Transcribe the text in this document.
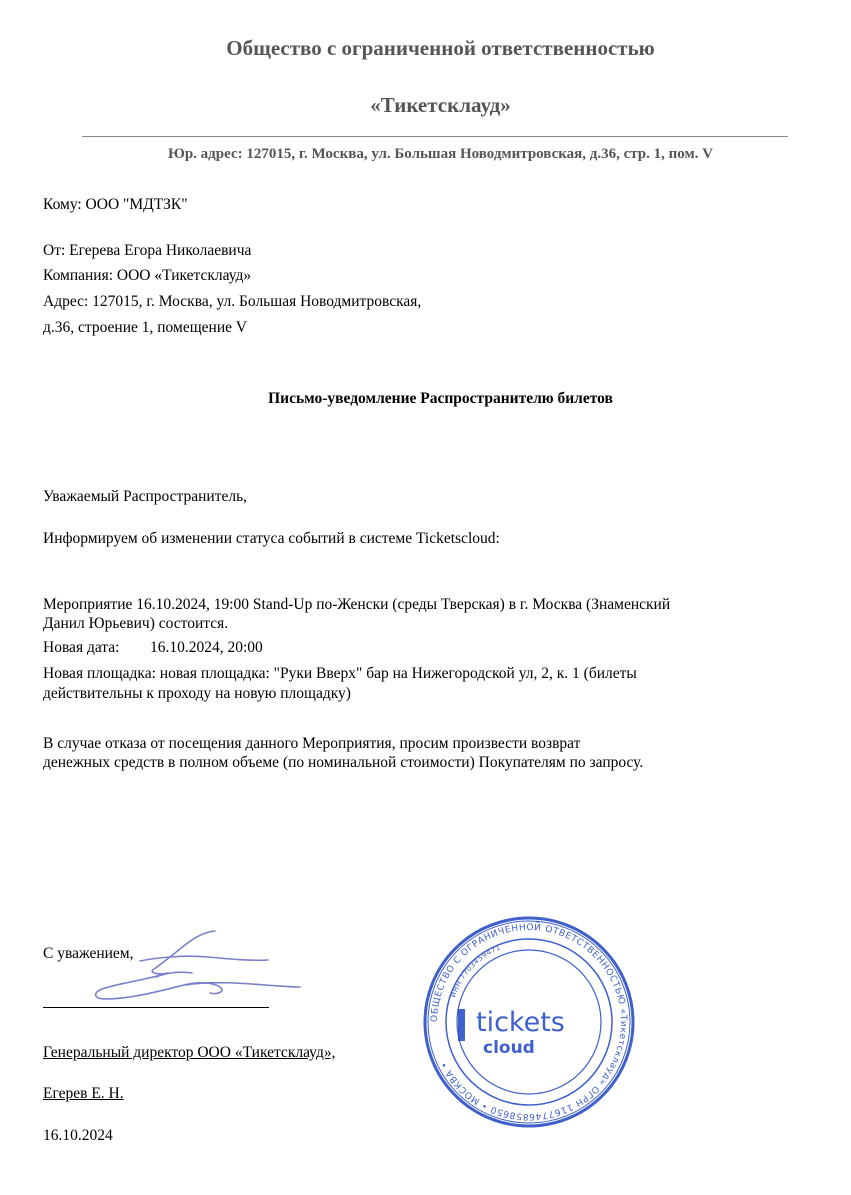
Общество с ограниченной ответственностью
«Тикетсклауд»
Юр. адрес: 127015, г. Москва, ул. Большая Новодмитровская, д.36, стр. 1, пом. V
Кому: ООО "МДТЗК"
От: Егерева Егора Николаевича
Компания: ООО «Тикетсклауд»
Адрес: 127015, г. Москва, ул. Большая Новодмитровская,
д.36, строение 1, помещение V
Письмо-уведомление Распространителю билетов
Уважаемый Распространитель,
Информируем об изменении статуса событий в системе Ticketscloud:
Мероприятие 16.10.2024, 19:00 Stand-Up по-Женски (среды Тверская) в г. Москва (Знаменский
Данил Юрьевич) состоится.
Новая дата: 16.10.2024, 20:00
Новая площадка: новая площадка: "Руки Вверх" бар на Нижегородской ул, 2, к. 1 (билеты
действительны к проходу на новую площадку)
В случае отказа от посещения данного Мероприятия, просим произвести возврат
денежных средств в полном объеме (по номинальной стоимости) Покупателям по запросу.
С уважением,
Генеральный директор ООО «Тикетсклауд»,
Егерев Е. Н.
16.10.2024
ОБЩЕСТВО С ОГРАНИЧЕННОЙ ОТВЕТСТВЕННОСТЬЮ «Тикетсклауд» ОГРН 1167746858650 • МОСКВА •
ИНН 7703459471
tickets
cloud
